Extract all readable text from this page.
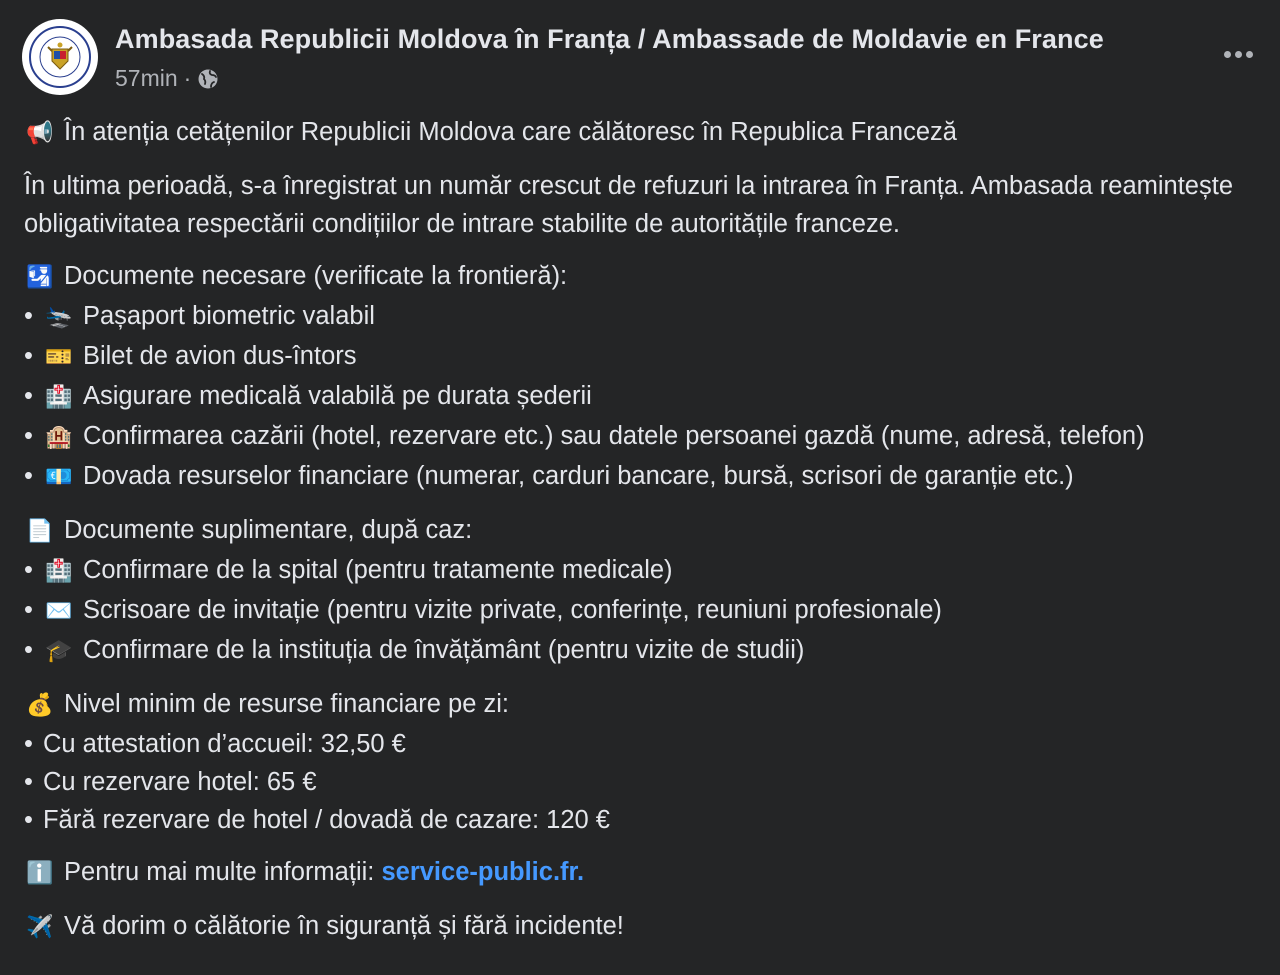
Ambasada Republicii Moldova în Franța / Ambassade de Moldavie en France
57min ·
📢 În atenția cetățenilor Republicii Moldova care călătoresc în Republica Franceză
În ultima perioadă, s-a înregistrat un număr crescut de refuzuri la intrarea în Franța. Ambasada reamintește obligativitatea respectării condițiilor de intrare stabilite de autoritățile franceze.
🛂 Documente necesare (verificate la frontieră):
• 🛬 Pașaport biometric valabil
• 🎫 Bilet de avion dus-întors
• 🏥 Asigurare medicală valabilă pe durata șederii
• 🏨 Confirmarea cazării (hotel, rezervare etc.) sau datele persoanei gazdă (nume, adresă, telefon)
• 💶 Dovada resurselor financiare (numerar, carduri bancare, bursă, scrisori de garanție etc.)
📄 Documente suplimentare, după caz:
• 🏥 Confirmare de la spital (pentru tratamente medicale)
• ✉️ Scrisoare de invitație (pentru vizite private, conferințe, reuniuni profesionale)
• 🎓 Confirmare de la instituția de învățământ (pentru vizite de studii)
💰 Nivel minim de resurse financiare pe zi:
• Cu attestation d’accueil: 32,50 €
• Cu rezervare hotel: 65 €
• Fără rezervare de hotel / dovadă de cazare: 120 €
ℹ️ Pentru mai multe informații: service-public.fr.
✈️ Vă dorim o călătorie în siguranță și fără incidente!
